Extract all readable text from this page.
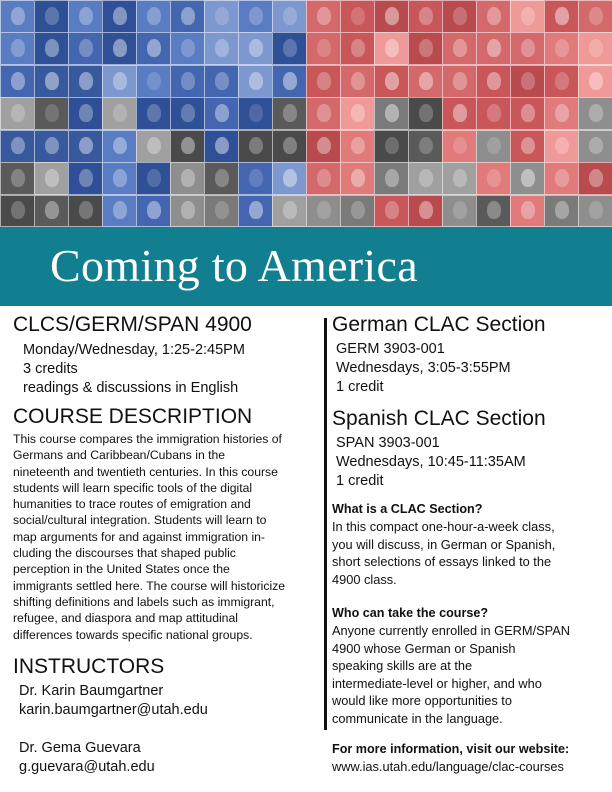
Coming to America
CLCS/GERM/SPAN 4900
Monday/Wednesday, 1:25-2:45PM
3 credits
readings & discussions in English
COURSE DESCRIPTION
This course compares the immigration histories of
Germans and Caribbean/Cubans in the
nineteenth and twentieth centuries. In this course
students will learn specific tools of the digital
humanities to trace routes of emigration and
social/cultural integration. Students will learn to
map arguments for and against immigration in-
cluding the discourses that shaped public
perception in the United States once the
immigrants settled here. The course will historicize
shifting definitions and labels such as immigrant,
refugee, and diaspora and map attitudinal
differences towards specific national groups.
INSTRUCTORS
Dr. Karin Baumgartner
karin.baumgartner@utah.edu
Dr. Gema Guevara
g.guevara@utah.edu
German CLAC Section
GERM 3903-001
Wednesdays, 3:05-3:55PM
1 credit
Spanish CLAC Section
SPAN 3903-001
Wednesdays, 10:45-11:35AM
1 credit
What is a CLAC Section?
In this compact one-hour-a-week class,
you will discuss, in German or Spanish,
short selections of essays linked to the
4900 class.
Who can take the course?
Anyone currently enrolled in GERM/SPAN
4900 whose German or Spanish
speaking skills are at the
intermediate-level or higher, and who
would like more opportunities to
communicate in the language.
For more information, visit our website:
www.ias.utah.edu/language/clac-courses
